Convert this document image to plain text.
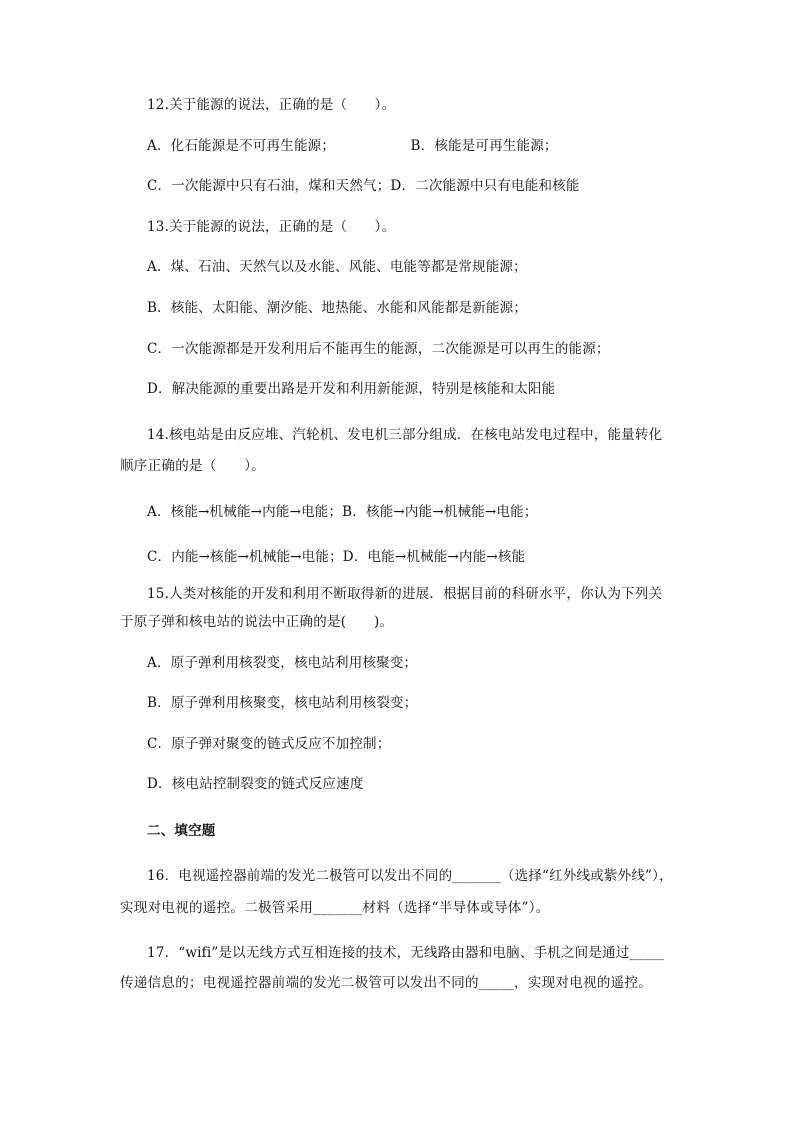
12.关于能源的说法，正确的是（　　）。
A．化石能源是不可再生能源；　　　　　　B．核能是可再生能源；
C．一次能源中只有石油，煤和天然气；D．二次能源中只有电能和核能
13.关于能源的说法，正确的是（　　）。
A．煤、石油、天然气以及水能、风能、电能等都是常规能源；
B．核能、太阳能、潮汐能、地热能、水能和风能都是新能源；
C．一次能源都是开发利用后不能再生的能源，二次能源是可以再生的能源；
D．解决能源的重要出路是开发和利用新能源，特别是核能和太阳能
14.核电站是由反应堆、汽轮机、发电机三部分组成．在核电站发电过程中，能量转化
顺序正确的是（　　）。
A．核能→机械能→内能→电能；B．核能→内能→机械能→电能；
C．内能→核能→机械能→电能；D．电能→机械能→内能→核能
15.人类对核能的开发和利用不断取得新的进展．根据目前的科研水平，你认为下列关
于原子弹和核电站的说法中正确的是(　　)。
A．原子弹利用核裂变，核电站利用核聚变；
B．原子弹利用核聚变，核电站利用核裂变；
C．原子弹对聚变的链式反应不加控制；
D．核电站控制裂变的链式反应速度
二、填空题
16．电视遥控器前端的发光二极管可以发出不同的_______（选择“红外线或紫外线”），
实现对电视的遥控。二极管采用_______材料（选择“半导体或导体”）。
17．“wifi”是以无线方式互相连接的技术，无线路由器和电脑、手机之间是通过_____
传递信息的；电视遥控器前端的发光二极管可以发出不同的_____，实现对电视的遥控。
